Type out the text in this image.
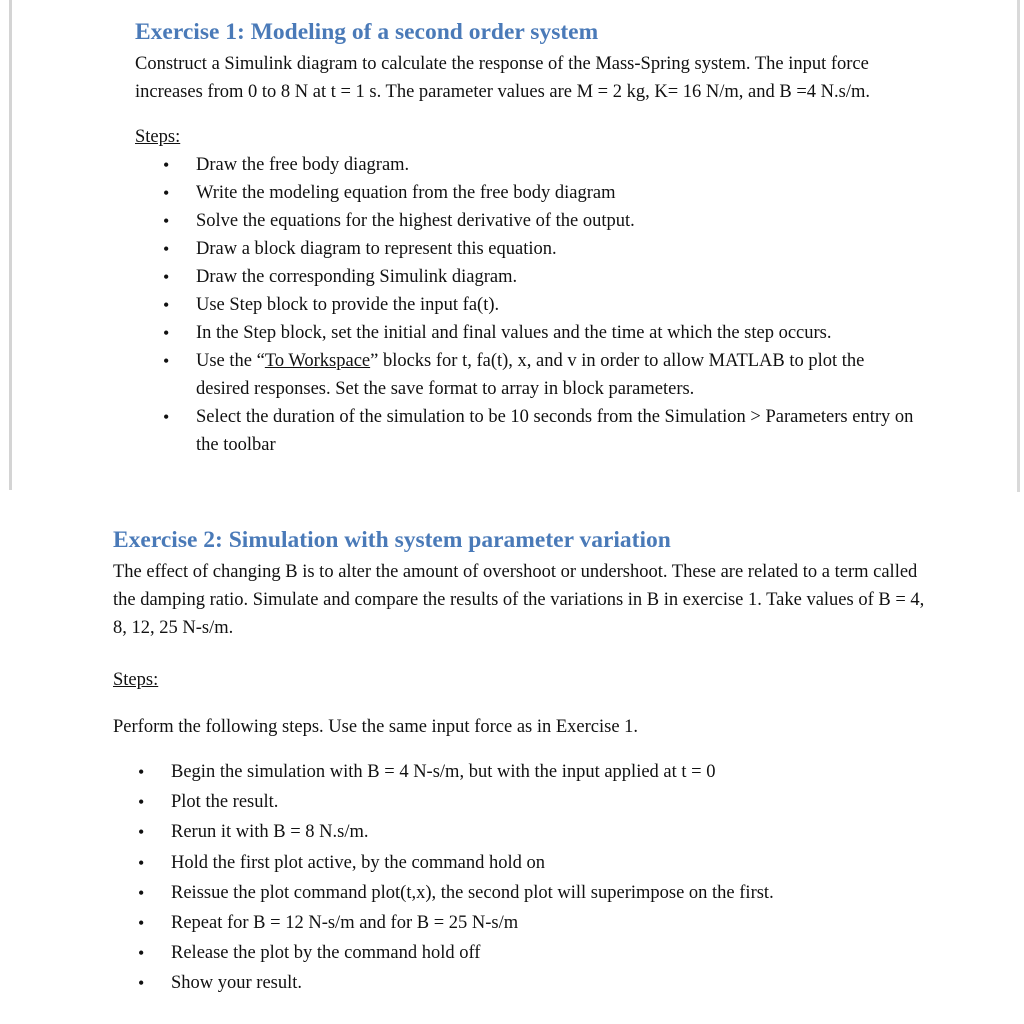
Exercise 1: Modeling of a second order system

Construct a Simulink diagram to calculate the response of the Mass-Spring system. The input force increases from 0 to 8 N at t = 1 s. The parameter values are M = 2 kg, K= 16 N/m, and B =4 N.s/m.

Steps:
• Draw the free body diagram.
• Write the modeling equation from the free body diagram
• Solve the equations for the highest derivative of the output.
• Draw a block diagram to represent this equation.
• Draw the corresponding Simulink diagram.
• Use Step block to provide the input fa(t).
• In the Step block, set the initial and final values and the time at which the step occurs.
• Use the “To Workspace” blocks for t, fa(t), x, and v in order to allow MATLAB to plot the desired responses. Set the save format to array in block parameters.
• Select the duration of the simulation to be 10 seconds from the Simulation > Parameters entry on the toolbar
Exercise 2: Simulation with system parameter variation

The effect of changing B is to alter the amount of overshoot or undershoot. These are related to a term called the damping ratio. Simulate and compare the results of the variations in B in exercise 1. Take values of B = 4, 8, 12, 25 N-s/m.

Steps:

Perform the following steps. Use the same input force as in Exercise 1.

• Begin the simulation with B = 4 N-s/m, but with the input applied at t = 0
• Plot the result.
• Rerun it with B = 8 N.s/m.
• Hold the first plot active, by the command hold on
• Reissue the plot command plot(t,x), the second plot will superimpose on the first.
• Repeat for B = 12 N-s/m and for B = 25 N-s/m
• Release the plot by the command hold off
• Show your result.
